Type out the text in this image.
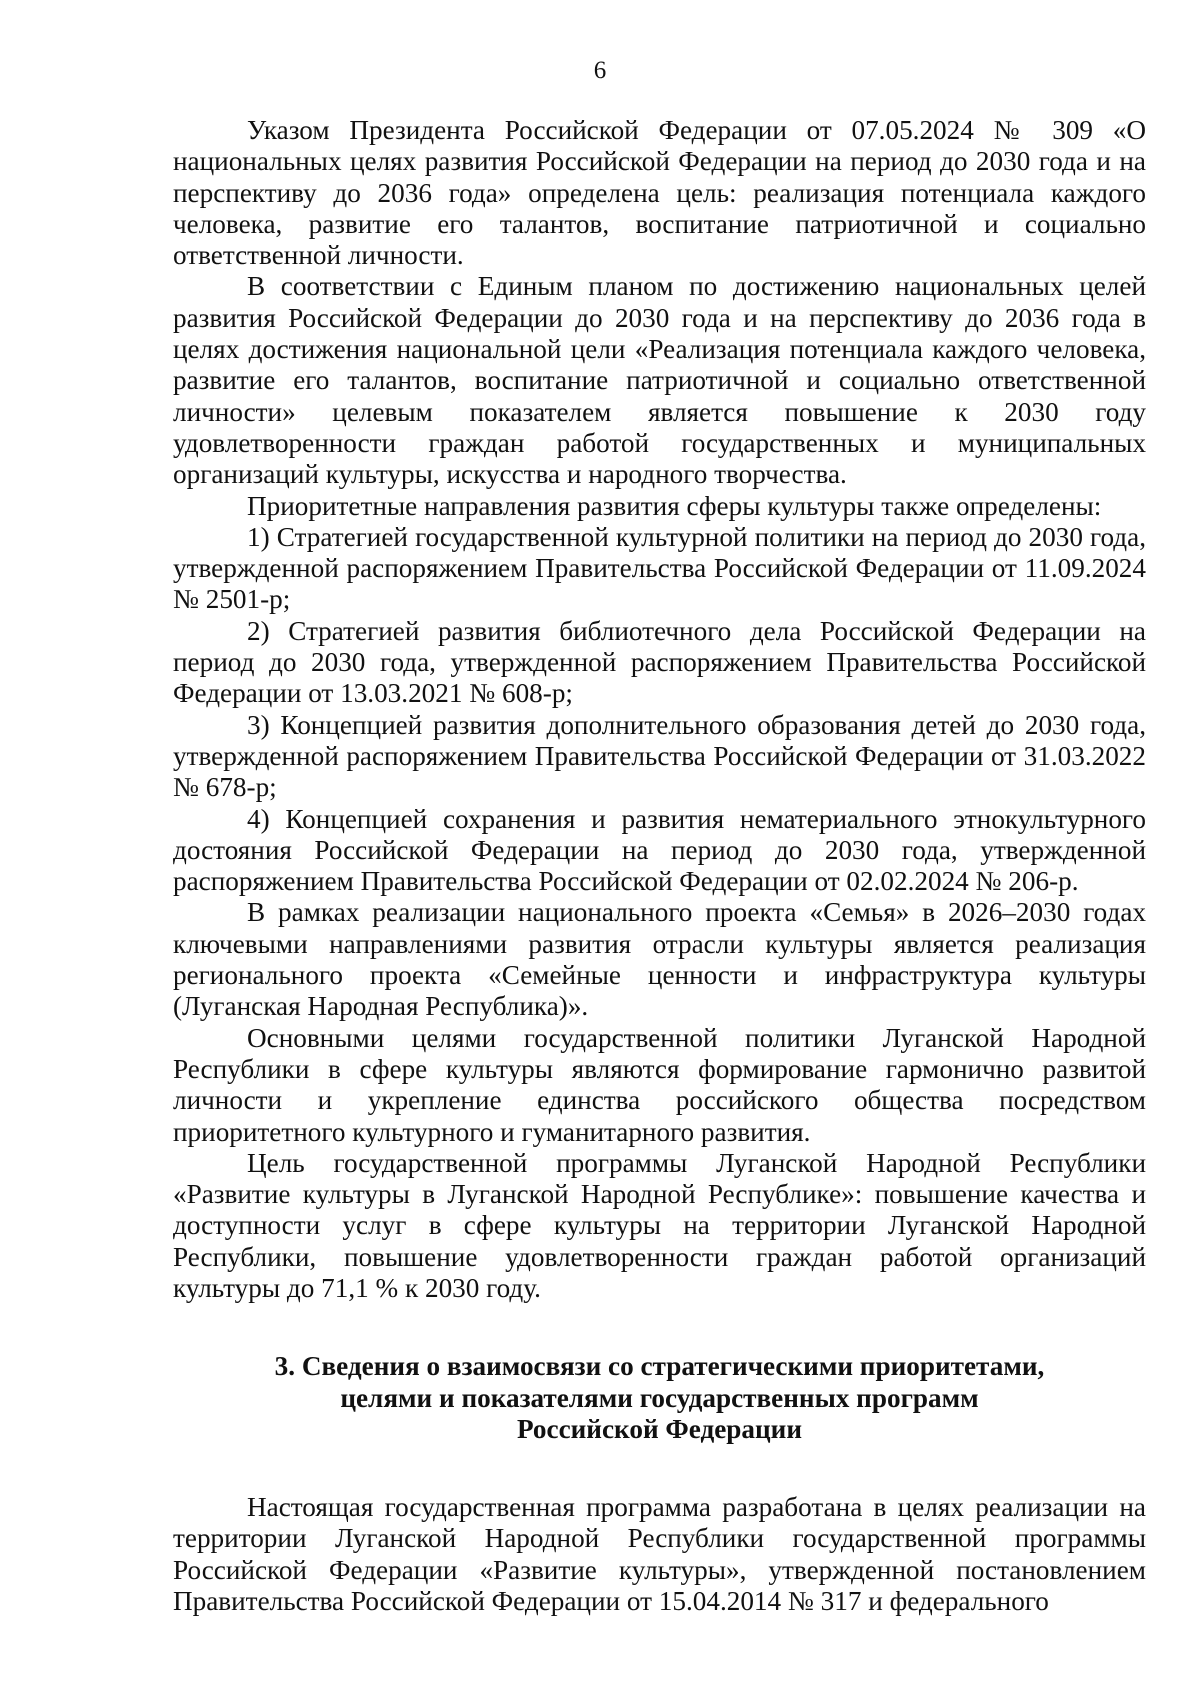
6

Указом Президента Российской Федерации от 07.05.2024 № 309 «О национальных целях развития Российской Федерации на период до 2030 года и на перспективу до 2036 года» определена цель: реализация потенциала каждого человека, развитие его талантов, воспитание патриотичной и социально ответственной личности.

В соответствии с Единым планом по достижению национальных целей развития Российской Федерации до 2030 года и на перспективу до 2036 года в целях достижения национальной цели «Реализация потенциала каждого человека, развитие его талантов, воспитание патриотичной и социально ответственной личности» целевым показателем является повышение к 2030 году удовлетворенности граждан работой государственных и муниципальных организаций культуры, искусства и народного творчества.

Приоритетные направления развития сферы культуры также определены:

1) Стратегией государственной культурной политики на период до 2030 года, утвержденной распоряжением Правительства Российской Федерации от 11.09.2024 № 2501-р;

2) Стратегией развития библиотечного дела Российской Федерации на период до 2030 года, утвержденной распоряжением Правительства Российской Федерации от 13.03.2021 № 608-р;

3) Концепцией развития дополнительного образования детей до 2030 года, утвержденной распоряжением Правительства Российской Федерации от 31.03.2022 № 678-р;

4) Концепцией сохранения и развития нематериального этнокультурного достояния Российской Федерации на период до 2030 года, утвержденной распоряжением Правительства Российской Федерации от 02.02.2024 № 206-р.

В рамках реализации национального проекта «Семья» в 2026–2030 годах ключевыми направлениями развития отрасли культуры является реализация регионального проекта «Семейные ценности и инфраструктура культуры (Луганская Народная Республика)».

Основными целями государственной политики Луганской Народной Республики в сфере культуры являются формирование гармонично развитой личности и укрепление единства российского общества посредством приоритетного культурного и гуманитарного развития.

Цель государственной программы Луганской Народной Республики «Развитие культуры в Луганской Народной Республике»: повышение качества и доступности услуг в сфере культуры на территории Луганской Народной Республики, повышение удовлетворенности граждан работой организаций культуры до 71,1 % к 2030 году.

3. Сведения о взаимосвязи со стратегическими приоритетами,
целями и показателями государственных программ
Российской Федерации

Настоящая государственная программа разработана в целях реализации на территории Луганской Народной Республики государственной программы Российской Федерации «Развитие культуры», утвержденной постановлением Правительства Российской Федерации от 15.04.2014 № 317 и федерального
